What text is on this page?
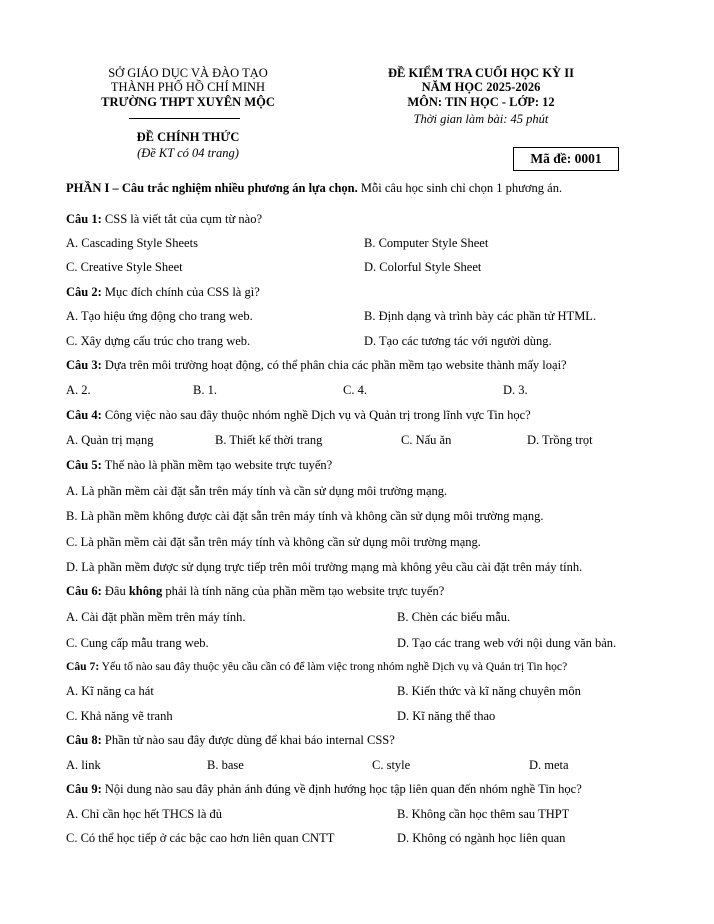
SỞ GIÁO DỤC VÀ ĐÀO TẠO
THÀNH PHỐ HỒ CHÍ MINH
TRƯỜNG THPT XUYÊN MỘC
ĐỀ CHÍNH THỨC
(Đề KT có 04 trang)
ĐỀ KIỂM TRA CUỐI HỌC KỲ II
NĂM HỌC 2025-2026
MÔN: TIN HỌC - LỚP: 12
Thời gian làm bài: 45 phút
Mã đề: 0001
PHẦN I – Câu trắc nghiệm nhiều phương án lựa chọn. Mỗi câu học sinh chỉ chọn 1 phương án.
Câu 1: CSS là viết tắt của cụm từ nào?
A. Cascading Style Sheets	B. Computer Style Sheet
C. Creative Style Sheet	D. Colorful Style Sheet
Câu 2: Mục đích chính của CSS là gì?
A. Tạo hiệu ứng động cho trang web.	B. Định dạng và trình bày các phần tử HTML.
C. Xây dựng cấu trúc cho trang web.	D. Tạo các tương tác với người dùng.
Câu 3: Dựa trên môi trường hoạt động, có thể phân chia các phần mềm tạo website thành mấy loại?
A. 2.	B. 1.	C. 4.	D. 3.
Câu 4: Công việc nào sau đây thuộc nhóm nghề Dịch vụ và Quản trị trong lĩnh vực Tin học?
A. Quản trị mạng	B. Thiết kế thời trang	C. Nấu ăn	D. Trồng trọt
Câu 5: Thế nào là phần mềm tạo website trực tuyến?
A. Là phần mềm cài đặt sẵn trên máy tính và cần sử dụng môi trường mạng.
B. Là phần mềm không được cài đặt sẵn trên máy tính và không cần sử dụng môi trường mạng.
C. Là phần mềm cài đặt sẵn trên máy tính và không cần sử dụng môi trường mạng.
D. Là phần mềm được sử dụng trực tiếp trên môi trường mạng mà không yêu cầu cài đặt trên máy tính.
Câu 6: Đâu không phải là tính năng của phần mềm tạo website trực tuyến?
A. Cài đặt phần mềm trên máy tính.	B. Chèn các biểu mẫu.
C. Cung cấp mẫu trang web.	D. Tạo các trang web với nội dung văn bản.
Câu 7: Yếu tố nào sau đây thuộc yêu cầu cần có để làm việc trong nhóm nghề Dịch vụ và Quản trị Tin học?
A. Kĩ năng ca hát	B. Kiến thức và kĩ năng chuyên môn
C. Khả năng vẽ tranh	D. Kĩ năng thể thao
Câu 8: Phần tử nào sau đây được dùng để khai báo internal CSS?
A. link	B. base	C. style	D. meta
Câu 9: Nội dung nào sau đây phản ánh đúng về định hướng học tập liên quan đến nhóm nghề Tin học?
A. Chỉ cần học hết THCS là đủ	B. Không cần học thêm sau THPT
C. Có thể học tiếp ở các bậc cao hơn liên quan CNTT	D. Không có ngành học liên quan
